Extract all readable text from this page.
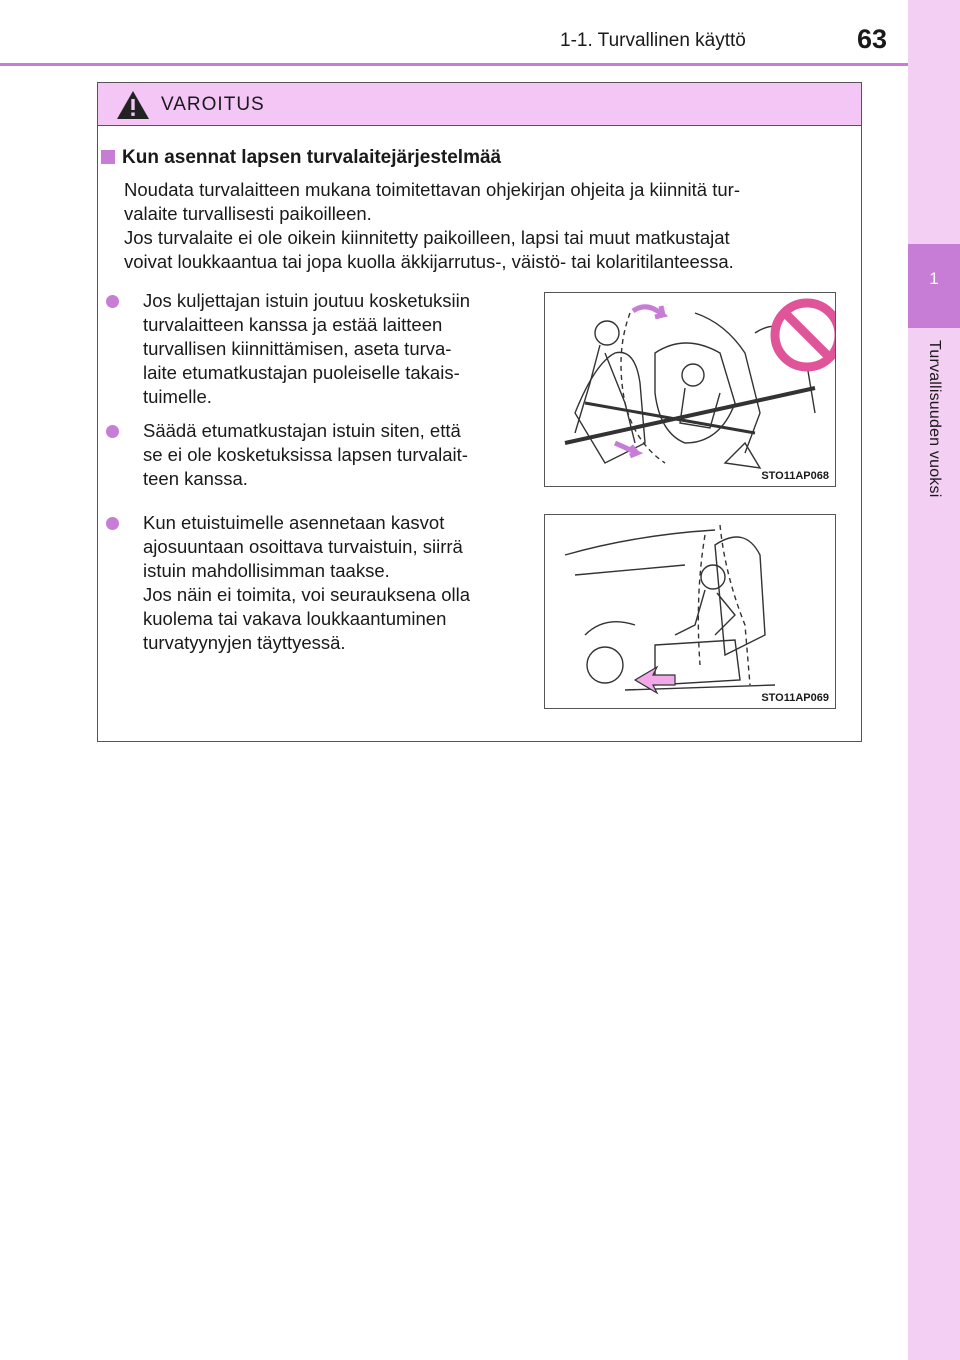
1-1. Turvallinen käyttö	63
1
Turvallisuuden vuoksi
VAROITUS
Kun asennat lapsen turvalaitejärjestelmää
Noudata turvalaitteen mukana toimitettavan ohjekirjan ohjeita ja kiinnitä tur-
valaite turvallisesti paikoilleen.
Jos turvalaite ei ole oikein kiinnitetty paikoilleen, lapsi tai muut matkustajat
voivat loukkaantua tai jopa kuolla äkkijarrutus-, väistö- tai kolaritilanteessa.
Jos kuljettajan istuin joutuu kosketuksiin
turvalaitteen kanssa ja estää laitteen
turvallisen kiinnittämisen, aseta turva-
laite etumatkustajan puoleiselle takais-
tuimelle.
Säädä etumatkustajan istuin siten, että
se ei ole kosketuksissa lapsen turvalait-
teen kanssa.
Kun etuistuimelle asennetaan kasvot
ajosuuntaan osoittava turvaistuin, siirrä
istuin mahdollisimman taakse.
Jos näin ei toimita, voi seurauksena olla
kuolema tai vakava loukkaantuminen
turvatyynyjen täyttyessä.
STO11AP068
STO11AP069
